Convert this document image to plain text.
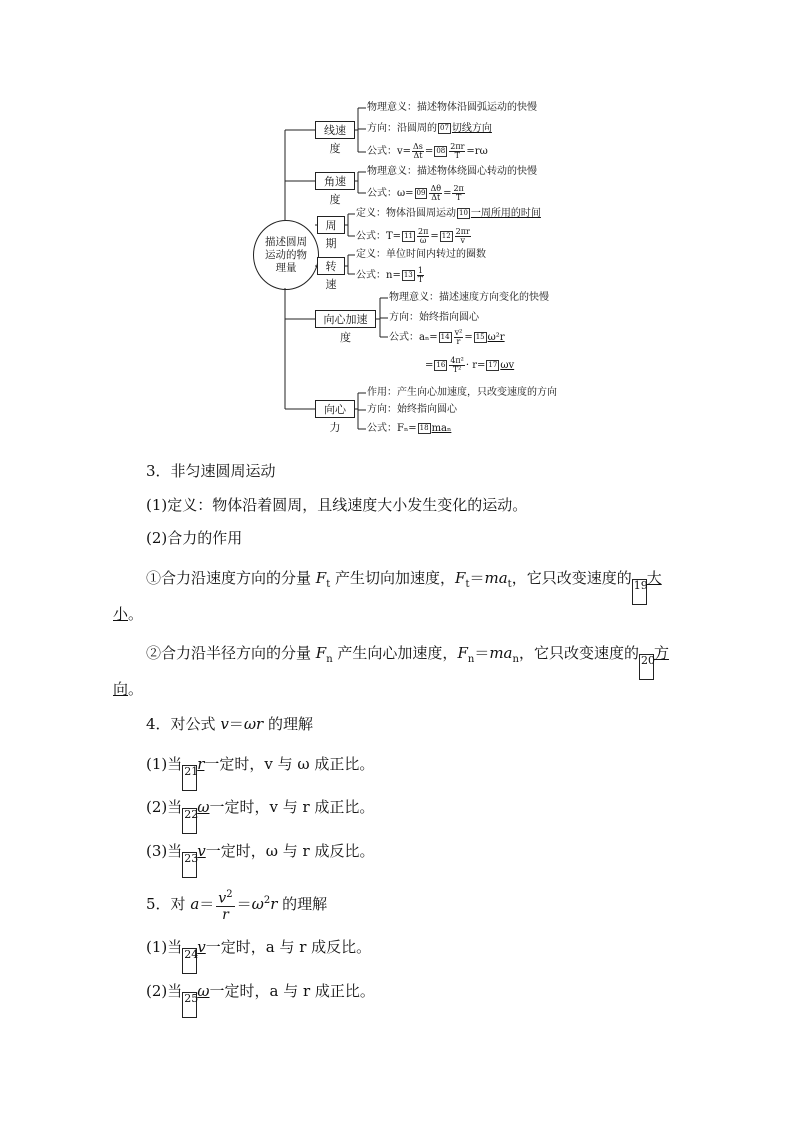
描述圆周运动的物理量
线速度
物理意义：描述物体沿圆弧运动的快慢
方向：沿圆周的 07 切线方向
公式：$v= \frac{\Delta s}{\Delta t} = 08 \frac{2\pi r}{T} =r\omega$
角速度
物理意义：描述物体绕圆心转动的快慢
公式：$\omega= 09 \frac{\Delta\theta}{\Delta t} = \frac{2\pi}{T}$
周期
定义：物体沿圆周运动 10 一周所用的时间
公式：$T= 11 \frac{2\pi}{\omega} = 12 \frac{2\pi r}{v}$
转速
定义：单位时间内转过的圈数
公式：$n= 13 \frac{1}{T}$
向心加速度
物理意义：描述速度方向变化的快慢
方向：始终指向圆心
公式：$a_n= 14 \frac{\text{v²}}{r} = 15$ ω²r
= $16 \frac{\text{4π²}}{\text{T²}} \cdot r= 17$ ωv
向心力
作用：产生向心加速度，只改变速度的方向
方向：始终指向圆心
公式：Fₙ= 18 maₙ
3．非匀速圆周运动
(1)定义：物体沿着圆周，且线速度大小发生变化的运动。
(2)合力的作用
①合力沿速度方向的分量 $F_t$ 产生切向加速度，$F_t=ma_t$，它只改变速度的 19大
小。
②合力沿半径方向的分量 $F_n$ 产生向心加速度，$F_n=ma_n$，它只改变速度的 20方
向。
4．对公式 v＝ωr 的理解
(1)当 21r一定时，v 与 ω 成正比。
(2)当 22ω一定时，v 与 r 成正比。
(3)当 23v一定时，ω 与 r 成反比。
5．对 $a= \frac{v^2}{r} =\omega^2r$ 的理解
(1)当 24v一定时，a 与 r 成反比。
(2)当 25ω一定时，a 与 r 成正比。
